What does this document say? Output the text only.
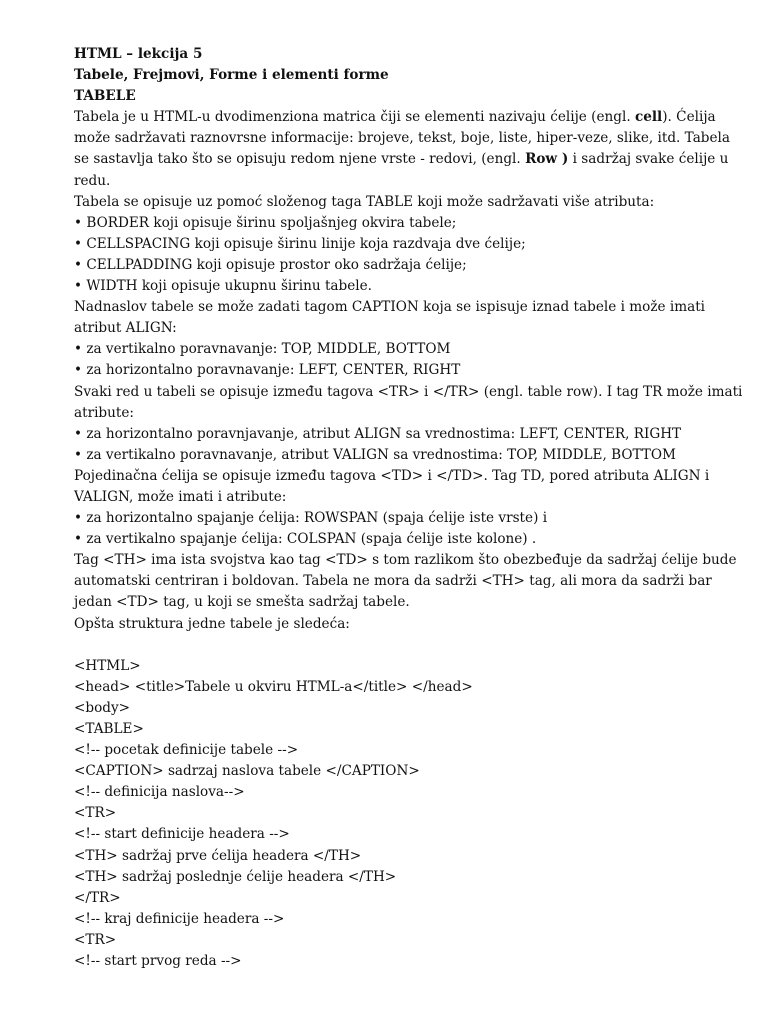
HTML – lekcija 5
Tabele, Frejmovi, Forme i elementi forme
TABELE
Tabela je u HTML-u dvodimenziona matrica čiji se elementi nazivaju ćelije (engl. cell). Ćelija
može sadržavati raznovrsne informacije: brojeve, tekst, boje, liste, hiper-veze, slike, itd. Tabela
se sastavlja tako što se opisuju redom njene vrste - redovi, (engl. Row ) i sadržaj svake ćelije u
redu.
Tabela se opisuje uz pomoć složenog taga TABLE koji može sadržavati više atributa:
• BORDER koji opisuje širinu spoljašnjeg okvira tabele;
• CELLSPACING koji opisuje širinu linije koja razdvaja dve ćelije;
• CELLPADDING koji opisuje prostor oko sadržaja ćelije;
• WIDTH koji opisuje ukupnu širinu tabele.
Nadnaslov tabele se može zadati tagom CAPTION koja se ispisuje iznad tabele i može imati
atribut ALIGN:
• za vertikalno poravnavanje: TOP, MIDDLE, BOTTOM
• za horizontalno poravnavanje: LEFT, CENTER, RIGHT
Svaki red u tabeli se opisuje između tagova <TR> i </TR> (engl. table row). I tag TR može imati
atribute:
• za horizontalno poravnjavanje, atribut ALIGN sa vrednostima: LEFT, CENTER, RIGHT
• za vertikalno poravnavanje, atribut VALIGN sa vrednostima: TOP, MIDDLE, BOTTOM
Pojedinačna ćelija se opisuje između tagova <TD> i </TD>. Tag TD, pored atributa ALIGN i
VALIGN, može imati i atribute:
• za horizontalno spajanje ćelija: ROWSPAN (spaja ćelije iste vrste) i
• za vertikalno spajanje ćelija: COLSPAN (spaja ćelije iste kolone) .
Tag <TH> ima ista svojstva kao tag <TD> s tom razlikom što obezbeđuje da sadržaj ćelije bude
automatski centriran i boldovan. Tabela ne mora da sadrži <TH> tag, ali mora da sadrži bar
jedan <TD> tag, u koji se smešta sadržaj tabele.
Opšta struktura jedne tabele je sledeća:
<HTML>
<head> <title>Tabele u okviru HTML-a</title> </head>
<body>
<TABLE>
<!-- pocetak definicije tabele -->
<CAPTION> sadrzaj naslova tabele </CAPTION>
<!-- definicija naslova-->
<TR>
<!-- start definicije headera -->
<TH> sadržaj prve ćelija headera </TH>
<TH> sadržaj poslednje ćelije headera </TH>
</TR>
<!-- kraj definicije headera -->
<TR>
<!-- start prvog reda -->
